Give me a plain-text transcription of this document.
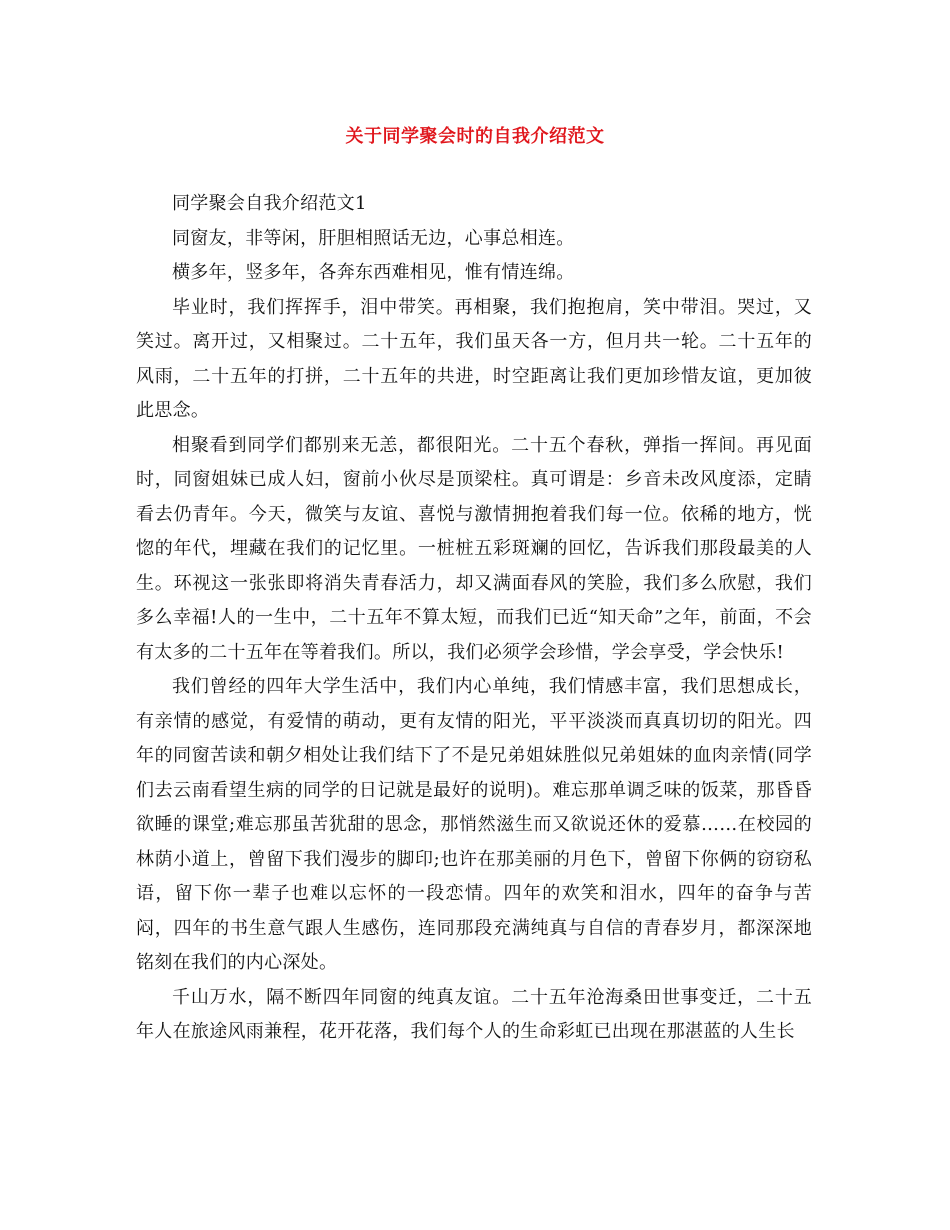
关于同学聚会时的自我介绍范文

同学聚会自我介绍范文1

同窗友，非等闲，肝胆相照话无边，心事总相连。

横多年，竖多年，各奔东西难相见，惟有情连绵。

毕业时，我们挥挥手，泪中带笑。再相聚，我们抱抱肩，笑中带泪。哭过，又笑过。离开过，又相聚过。二十五年，我们虽天各一方，但月共一轮。二十五年的风雨，二十五年的打拼，二十五年的共进，时空距离让我们更加珍惜友谊，更加彼此思念。

相聚看到同学们都别来无恙，都很阳光。二十五个春秋，弹指一挥间。再见面时，同窗姐妹已成人妇，窗前小伙尽是顶梁柱。真可谓是：乡音未改风度添，定睛看去仍青年。今天，微笑与友谊、喜悦与激情拥抱着我们每一位。依稀的地方，恍惚的年代，埋藏在我们的记忆里。一桩桩五彩斑斓的回忆，告诉我们那段最美的人生。环视这一张张即将消失青春活力，却又满面春风的笑脸，我们多么欣慰，我们多么幸福!人的一生中，二十五年不算太短，而我们已近“知天命”之年，前面，不会有太多的二十五年在等着我们。所以，我们必须学会珍惜，学会享受，学会快乐!

我们曾经的四年大学生活中，我们内心单纯，我们情感丰富，我们思想成长，有亲情的感觉，有爱情的萌动，更有友情的阳光，平平淡淡而真真切切的阳光。四年的同窗苦读和朝夕相处让我们结下了不是兄弟姐妹胜似兄弟姐妹的血肉亲情(同学们去云南看望生病的同学的日记就是最好的说明)。难忘那单调乏味的饭菜，那昏昏欲睡的课堂;难忘那虽苦犹甜的思念，那悄然滋生而又欲说还休的爱慕……在校园的林荫小道上，曾留下我们漫步的脚印;也许在那美丽的月色下，曾留下你俩的窃窃私语，留下你一辈子也难以忘怀的一段恋情。四年的欢笑和泪水，四年的奋争与苦闷，四年的书生意气跟人生感伤，连同那段充满纯真与自信的青春岁月，都深深地铭刻在我们的内心深处。

千山万水，隔不断四年同窗的纯真友谊。二十五年沧海桑田世事变迁，二十五年人在旅途风雨兼程，花开花落，我们每个人的生命彩虹已出现在那湛蓝的人生长
